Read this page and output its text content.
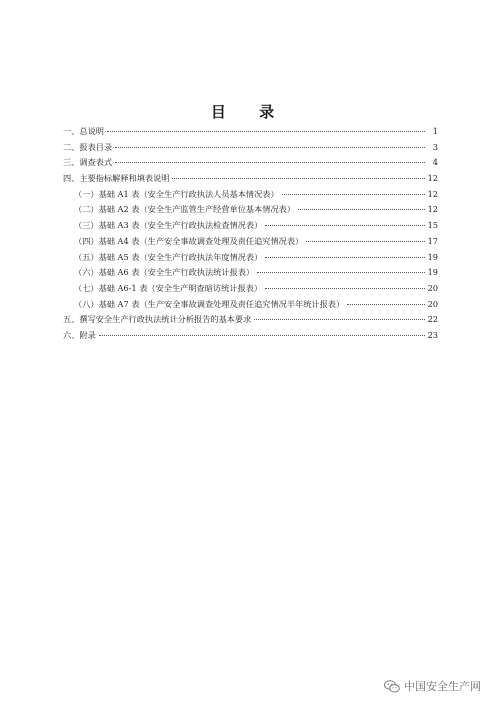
目 录
一、总说明	1
二、报表目录	3
三、调查表式	4
四、主要指标解释和填表说明	12
（一）基础 A1 表（安全生产行政执法人员基本情况表）	12
（二）基础 A2 表（安全生产监管生产经营单位基本情况表）	12
（三）基础 A3 表（安全生产行政执法检查情况表）	15
（四）基础 A4 表（生产安全事故调查处理及责任追究情况表）	17
（五）基础 A5 表（安全生产行政执法年度情况表）	19
（六）基础 A6 表（安全生产行政执法统计报表）	19
（七）基础 A6-1 表（安全生产明查暗访统计报表）	20
（八）基础 A7 表（生产安全事故调查处理及责任追究情况半年统计报表）	20
五、撰写安全生产行政执法统计分析报告的基本要求	22
六、附录	23
中国安全生产网
